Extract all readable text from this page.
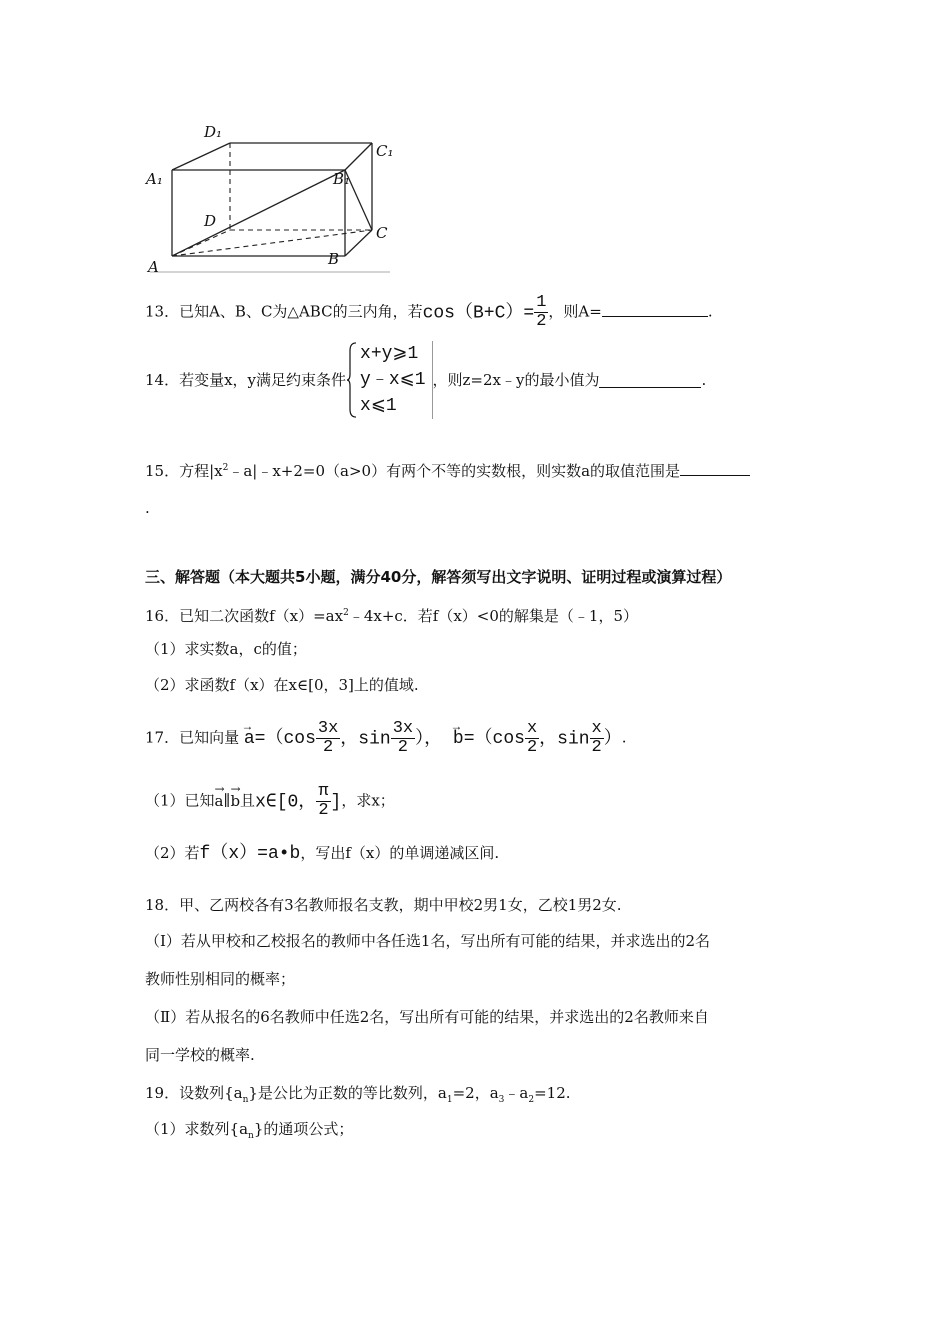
D₁
C₁
A₁	B₁
D
C
A	B
13．已知A、B、C为△ABC的三内角，若$\cos(B+C)= \frac{1}{2}$ ，则A=	.
14． 若变量x，y满足约束条件
x+y⩾1
y﹣x⩽1
x⩽1
，则z=2x﹣y的最小值为	.
15．方程$|x^2﹣a|﹣x+2=0(a>0)$有两个不等的实数根，则实数a的取值范围是
.
三、解答题（本大题共5小题，满分40分，解答须写出文字说明、证明过程或演算过程）
16．已知二次函数$f(x)=ax^2﹣4x+c$．若f（x）<0的解集是（﹣1，5）
（1）求实数a，c的值；
（2）求函数f（x）在x∈[0，3]上的值域.
17．已知向量 → $a=(\cos \frac{3x}{2}$ ，$\sin \frac{3x}{2}$ ）， → $b=(\cos \frac{x}{2}$ ，$\sin \frac{x}{2}$ ）.
（1）已知→ a∥→ b且x∈[0， $\frac{\pi}{2}$ ]，求x；
（2）若f（x）=a•b，写出f（x）的单调递减区间.
18．甲、乙两校各有3名教师报名支教，期中甲校2男1女，乙校1男2女.
（Ⅰ）若从甲校和乙校报名的教师中各任选1名，写出所有可能的结果，并求选出的2名
教师性别相同的概率；
（Ⅱ）若从报名的6名教师中任选2名，写出所有可能的结果，并求选出的2名教师来自
同一学校的概率.
19．设数列$\{a_n\}$是公比为正数的等比数列，$a_1=2$，$a_3﹣a_2=12$.
（1）求数列$\{a_n\}$的通项公式；
